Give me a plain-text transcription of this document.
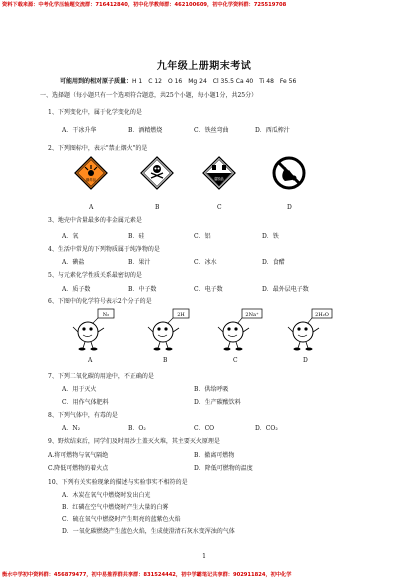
资料下载来源：中考化学压轴题交流群：716412840，初中化学教师群：462100609，初中化学资料群：725519708
九年级上册期末考试
可能用到的相对原子质量：H 1　C 12　O 16　Mg 24　Cl 35.5 Ca 40　Ti 48　Fe 56
一、选择题（每小题只有一个选项符合题意，共25个小题，每小题1分，共25分）
1、下列变化中，属于化学变化的是
A．干冰升华	B．酒精燃烧	C．铁丝弯曲	D．西瓜榨汁
2、下列图标中，表示"禁止烟火"的是
爆炸品	腐蚀品
A	B	C	D
3、地壳中含量最多的非金属元素是
A．氧	B．硅	C．铝	D．铁
4、生活中常见的下列物质属于纯净物的是
A．碘盐	B．果汁	C．冰水	D．食醋
5、与元素化学性质关系最密切的是
A．质子数	B．中子数	C．电子数	D．最外层电子数
6、下图中的化学符号表示2个分子的是
N₂	2H	2Na⁺	2H₂O
A	B	C	D
7、下列二氧化碳的用途中，不正确的是
A．用于灭火	B．供给呼吸
C．用作气体肥料	D．生产碳酸饮料
8、下列气体中，有毒的是
A．N₂	B．O₂	C．CO	D．CO₂
9、野炊结束后，同学们及时用沙土盖灭火堆，其主要灭火原理是
A.将可燃物与氧气隔绝	B．撤离可燃物
C.降低可燃物的着火点	D．降低可燃物的温度
10、下列有关实验现象的描述与实验事实不相符的是
A．木炭在氧气中燃烧时发出白光
B．红磷在空气中燃烧时产生大量的白雾
C．硫在氧气中燃烧时产生明亮的蓝紫色火焰
D．一氧化碳燃烧产生蓝色火焰，生成使澄清石灰水变浑浊的气体
1
衡水中学初中资料群：456879477，初中易推荐群共享群：831524442，初中学霸笔记共享群：902911824，初中化学
